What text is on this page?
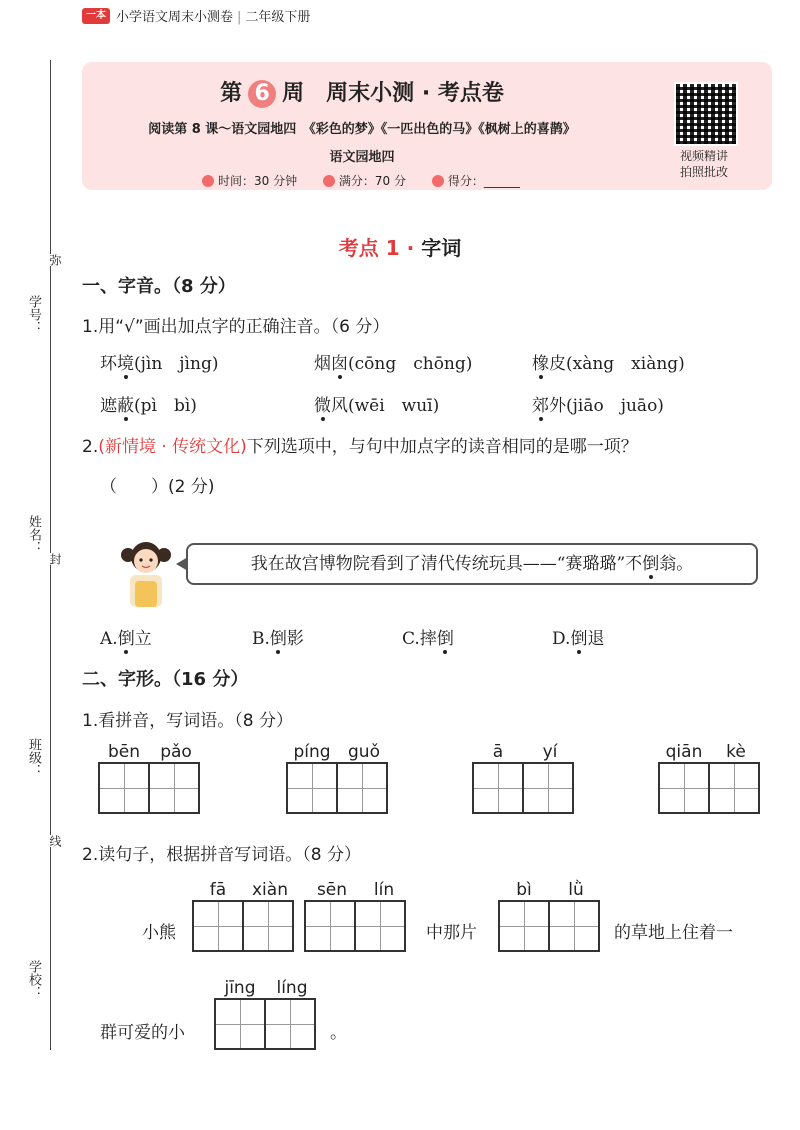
一本 小学语文周末小测卷 | 二年级下册
学号：
姓名：
班级：
学校：
弥
封
线
第 6 周　周末小测 · 考点卷
阅读第 8 课～语文园地四　《彩色的梦》《一匹出色的马》《枫树上的喜鹊》
语文园地四
时间：30 分钟	满分：70 分	得分：______
视频精讲
拍照批改
考点 1 · 字词
一、字音。（8 分）
1.用“√”画出加点字的正确注音。（6 分）
环境(jìn　jìng)	烟囱(cōng　chōng)	橡皮(xàng　xiàng)
遮蔽(pì　bì)	微风(wēi　wuī)	郊外(jiāo　juāo)
2.(新情境 · 传统文化)下列选项中，与句中加点字的读音相同的是哪一项？
（　　）(2 分)
我在故宫博物院看到了清代传统玩具——“赛璐璐”不倒翁。
A.倒立	B.倒影	C.摔倒	D.倒退
二、字形。（16 分）
1.看拼音，写词语。（8 分）
bēn	pǎo	píng	guǒ	ā	yí	qiān	kè
2.读句子，根据拼音写词语。（8 分）
小熊
fā	xiàn	sēn	lín
中那片
bì	lǜ
的草地上住着一
群可爱的小
jīng	líng
。
